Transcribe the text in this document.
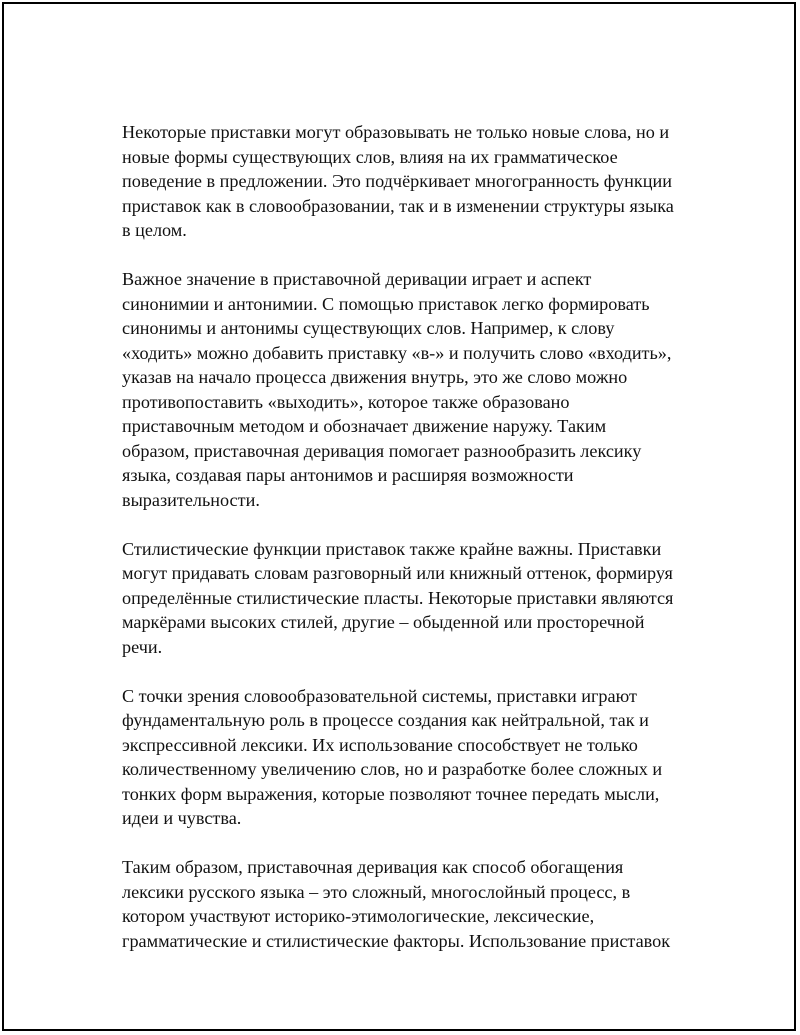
Некоторые приставки могут образовывать не только новые слова, но и
новые формы существующих слов, влияя на их грамматическое
поведение в предложении. Это подчёркивает многогранность функции
приставок как в словообразовании, так и в изменении структуры языка
в целом.

Важное значение в приставочной деривации играет и аспект
синонимии и антонимии. С помощью приставок легко формировать
синонимы и антонимы существующих слов. Например, к слову
«ходить» можно добавить приставку «в-» и получить слово «входить»,
указав на начало процесса движения внутрь, это же слово можно
противопоставить «выходить», которое также образовано
приставочным методом и обозначает движение наружу. Таким
образом, приставочная деривация помогает разнообразить лексику
языка, создавая пары антонимов и расширяя возможности
выразительности.

Стилистические функции приставок также крайне важны. Приставки
могут придавать словам разговорный или книжный оттенок, формируя
определённые стилистические пласты. Некоторые приставки являются
маркёрами высоких стилей, другие – обыденной или просторечной
речи.

С точки зрения словообразовательной системы, приставки играют
фундаментальную роль в процессе создания как нейтральной, так и
экспрессивной лексики. Их использование способствует не только
количественному увеличению слов, но и разработке более сложных и
тонких форм выражения, которые позволяют точнее передать мысли,
идеи и чувства.

Таким образом, приставочная деривация как способ обогащения
лексики русского языка – это сложный, многослойный процесс, в
котором участвуют историко-этимологические, лексические,
грамматические и стилистические факторы. Использование приставок
